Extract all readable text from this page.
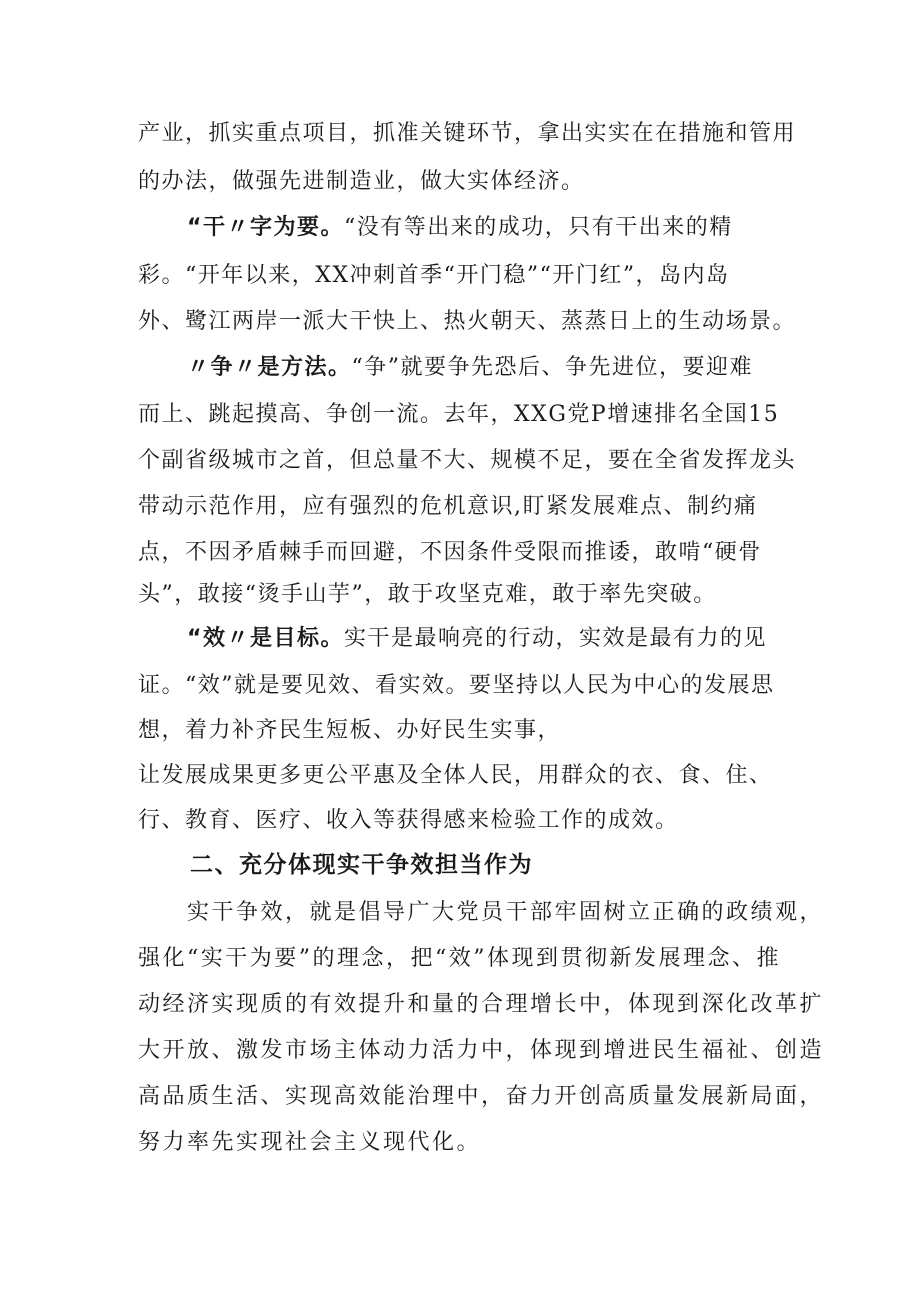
产业，抓实重点项目，抓准关键环节，拿出实实在在措施和管用
的办法，做强先进制造业，做大实体经济。
“干〃字为要。“没有等出来的成功，只有干出来的精
彩。“开年以来，XX冲刺首季“开门稳”“开门红”，岛内岛
外、鹭江两岸一派大干快上、热火朝天、蒸蒸日上的生动场景。
〃争〃是方法。“争”就要争先恐后、争先进位，要迎难
而上、跳起摸高、争创一流。去年，XXG党P增速排名全国15
个副省级城市之首，但总量不大、规模不足，要在全省发挥龙头
带动示范作用，应有强烈的危机意识,盯紧发展难点、制约痛
点，不因矛盾棘手而回避，不因条件受限而推诿，敢啃“硬骨
头”，敢接“烫手山芋”，敢于攻坚克难，敢于率先突破。
“效〃是目标。实干是最响亮的行动，实效是最有力的见
证。“效”就是要见效、看实效。要坚持以人民为中心的发展思
想，着力补齐民生短板、办好民生实事，
让发展成果更多更公平惠及全体人民，用群众的衣、食、住、
行、教育、医疗、收入等获得感来检验工作的成效。
二、充分体现实干争效担当作为
实干争效，就是倡导广大党员干部牢固树立正确的政绩观，
强化“实干为要”的理念，把“效”体现到贯彻新发展理念、推
动经济实现质的有效提升和量的合理增长中，体现到深化改革扩
大开放、激发市场主体动力活力中，体现到增进民生福祉、创造
高品质生活、实现高效能治理中，奋力开创高质量发展新局面，
努力率先实现社会主义现代化。
